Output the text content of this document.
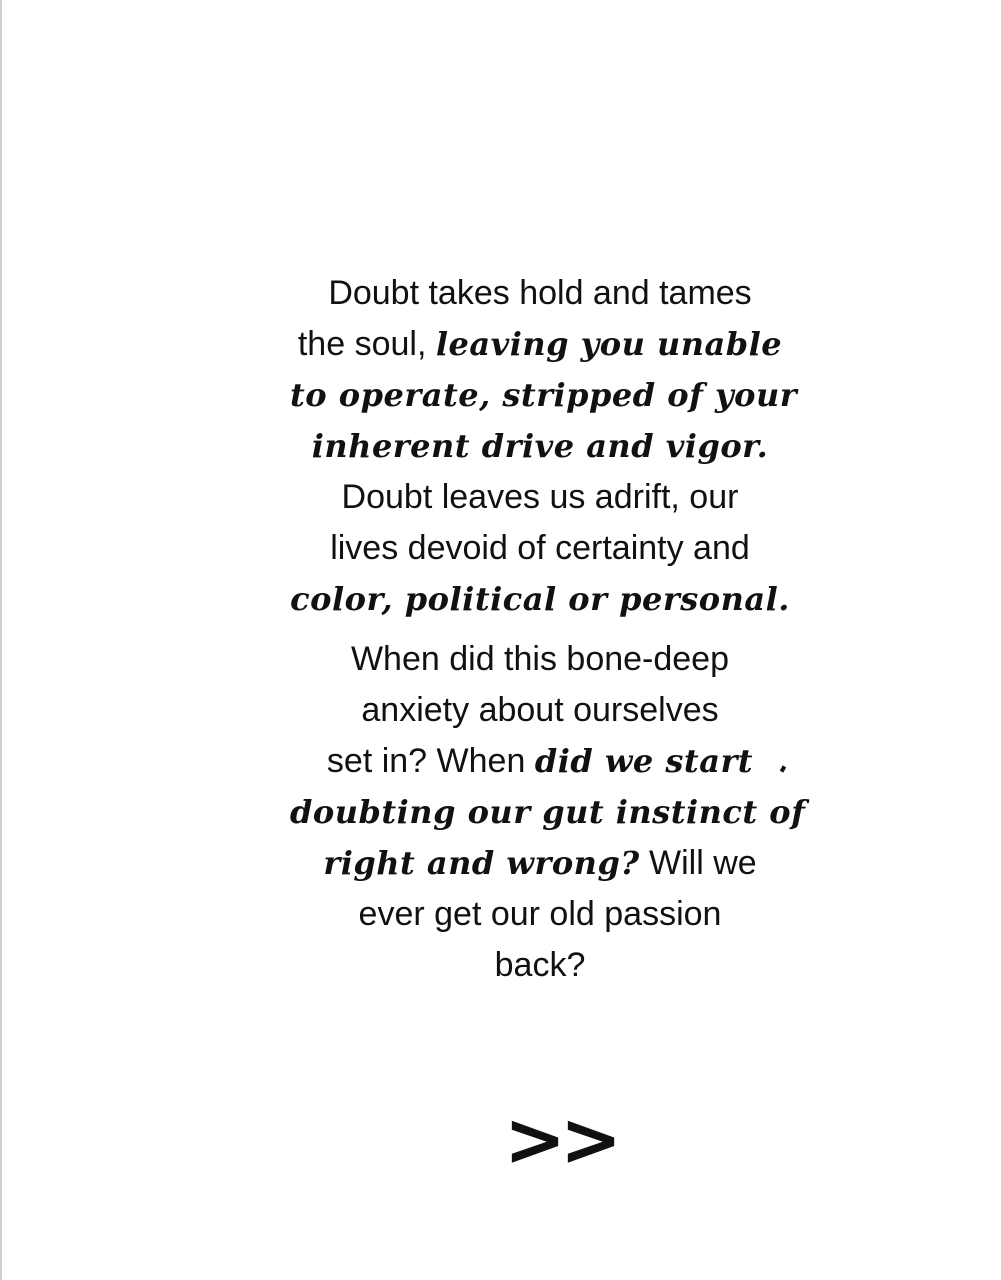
Doubt takes hold and tames
the soul, leaving you unable
to operate, stripped of your
inherent drive and vigor.
Doubt leaves us adrift, our
lives devoid of certainty and
color, political or personal.
When did this bone-deep
anxiety about ourselves
set in? When did we start
doubting our gut instinct of
right and wrong? Will we
ever get our old passion
back?
>>
